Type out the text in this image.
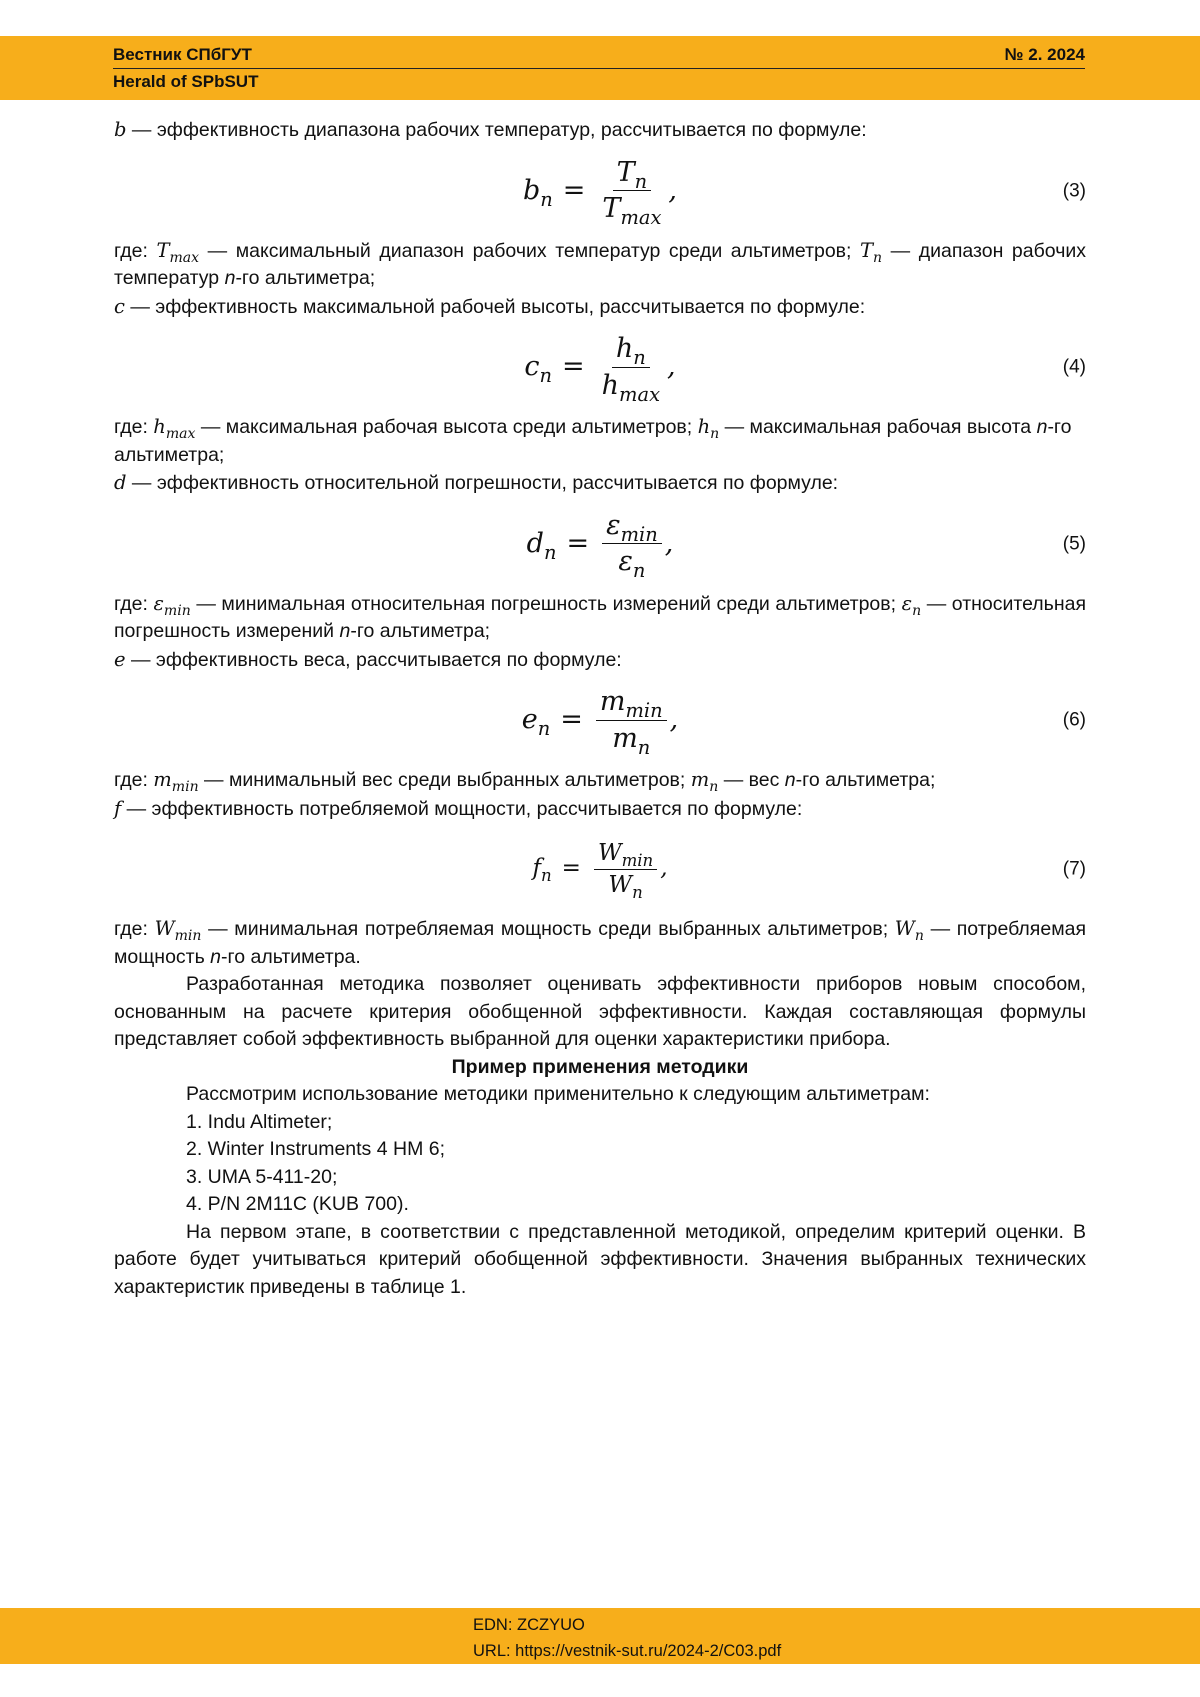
Вестник СПбГУТ	№ 2. 2024
Herald of SPbSUT

b — эффективность диапазона рабочих температур, рассчитывается по формуле:

bn =
Tn
Tmax
,	(3)

где: Tmax — максимальный диапазон рабочих температур среди альтиметров; Tn — диапазон рабочих температур n-го альтиметра;

c — эффективность максимальной рабочей высоты, рассчитывается по формуле:

cn =
hn
hmax
,	(4)

где: hmax — максимальная рабочая высота среди альтиметров; hn — максимальная рабочая высота n-го альтиметра;

d — эффективность относительной погрешности, рассчитывается по формуле:

dn =
εmin
εn
,	(5)

где: εmin — минимальная относительная погрешность измерений среди альтиметров; εn — относительная погрешность измерений n-го альтиметра;

e — эффективность веса, рассчитывается по формуле:

en =
mmin
mn
,	(6)

где: mmin — минимальный вес среди выбранных альтиметров; mn — вес n-го альтиметра;

f — эффективность потребляемой мощности, рассчитывается по формуле:

fn =
Wmin
Wn
,	(7)

где: Wmin — минимальная потребляемая мощность среди выбранных альтиметров; Wn — потребляемая мощность n-го альтиметра.

Разработанная методика позволяет оценивать эффективности приборов новым способом, основанным на расчете критерия обобщенной эффективности. Каждая составляющая формулы представляет собой эффективность выбранной для оценки характеристики прибора.

Пример применения методики

Рассмотрим использование методики применительно к следующим альтиметрам:

1. Indu Altimeter;

2. Winter Instruments 4 HM 6;

3. UMA 5-411-20;

4. P/N 2M11C (KUB 700).

На первом этапе, в соответствии с представленной методикой, определим критерий оценки. В работе будет учитываться критерий обобщенной эффективности. Значения выбранных технических характеристик приведены в таблице 1.

EDN: ZCZYUO
URL: https://vestnik-sut.ru/2024-2/C03.pdf
